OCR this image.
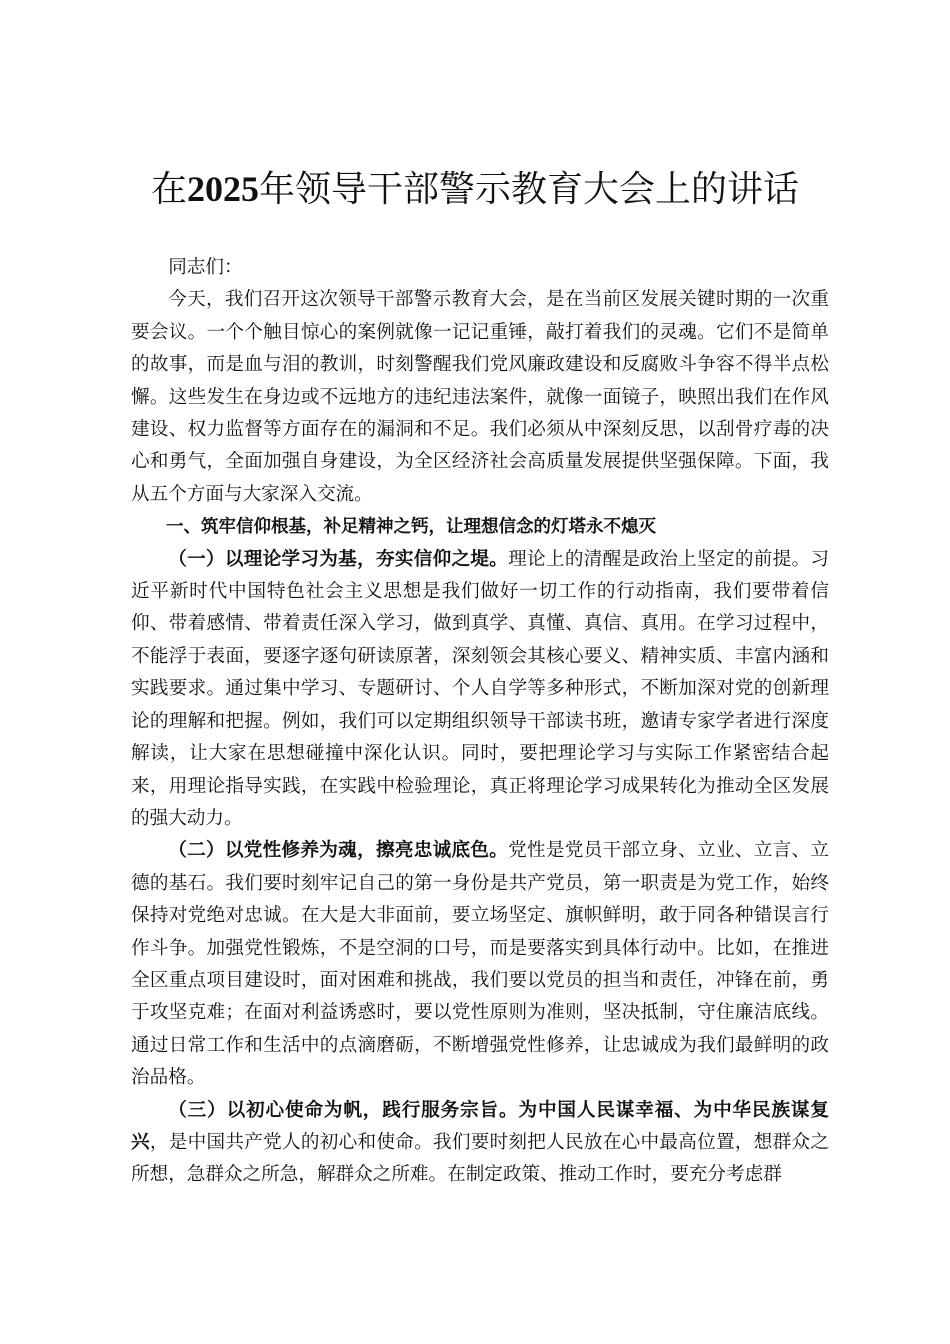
在2025年领导干部警示教育大会上的讲话

同志们：

今天，我们召开这次领导干部警示教育大会，是在当前区发展关键时期的一次重要会议。一个个触目惊心的案例就像一记记重锤，敲打着我们的灵魂。它们不是简单的故事，而是血与泪的教训，时刻警醒我们党风廉政建设和反腐败斗争容不得半点松懈。这些发生在身边或不远地方的违纪违法案件，就像一面镜子，映照出我们在作风建设、权力监督等方面存在的漏洞和不足。我们必须从中深刻反思，以刮骨疗毒的决心和勇气，全面加强自身建设，为全区经济社会高质量发展提供坚强保障。下面，我从五个方面与大家深入交流。

一、筑牢信仰根基，补足精神之钙，让理想信念的灯塔永不熄灭

（一）以理论学习为基，夯实信仰之堤。理论上的清醒是政治上坚定的前提。习近平新时代中国特色社会主义思想是我们做好一切工作的行动指南，我们要带着信仰、带着感情、带着责任深入学习，做到真学、真懂、真信、真用。在学习过程中，不能浮于表面，要逐字逐句研读原著，深刻领会其核心要义、精神实质、丰富内涵和实践要求。通过集中学习、专题研讨、个人自学等多种形式，不断加深对党的创新理论的理解和把握。例如，我们可以定期组织领导干部读书班，邀请专家学者进行深度解读，让大家在思想碰撞中深化认识。同时，要把理论学习与实际工作紧密结合起来，用理论指导实践，在实践中检验理论，真正将理论学习成果转化为推动全区发展的强大动力。

（二）以党性修养为魂，擦亮忠诚底色。党性是党员干部立身、立业、立言、立德的基石。我们要时刻牢记自己的第一身份是共产党员，第一职责是为党工作，始终保持对党绝对忠诚。在大是大非面前，要立场坚定、旗帜鲜明，敢于同各种错误言行作斗争。加强党性锻炼，不是空洞的口号，而是要落实到具体行动中。比如，在推进全区重点项目建设时，面对困难和挑战，我们要以党员的担当和责任，冲锋在前，勇于攻坚克难；在面对利益诱惑时，要以党性原则为准则，坚决抵制，守住廉洁底线。通过日常工作和生活中的点滴磨砺，不断增强党性修养，让忠诚成为我们最鲜明的政治品格。

（三）以初心使命为帆，践行服务宗旨。为中国人民谋幸福、为中华民族谋复兴，是中国共产党人的初心和使命。我们要时刻把人民放在心中最高位置，想群众之所想，急群众之所急，解群众之所难。在制定政策、推动工作时，要充分考虑群
